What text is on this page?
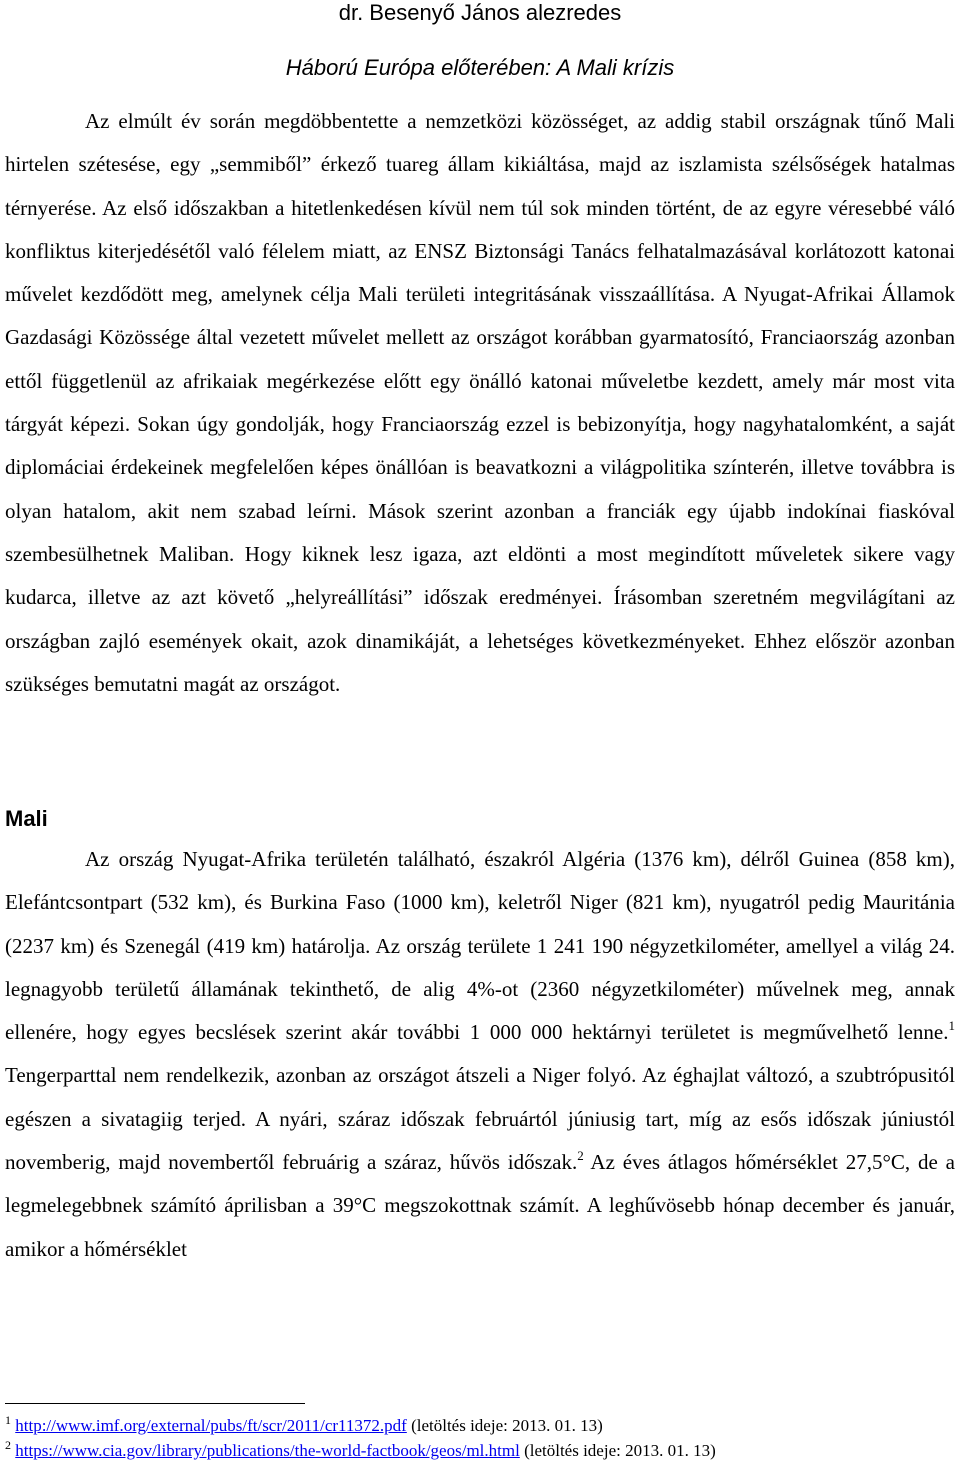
dr. Besenyő János alezredes
Háború Európa előterében: A Mali krízis

Az elmúlt év során megdöbbentette a nemzetközi közösséget, az addig stabil országnak tűnő Mali hirtelen szétesése, egy „semmiből” érkező tuareg állam kikiáltása, majd az iszlamista szélsőségek hatalmas térnyerése. Az első időszakban a hitetlenkedésen kívül nem túl sok minden történt, de az egyre véresebbé váló konfliktus kiterjedésétől való félelem miatt, az ENSZ Biztonsági Tanács felhatalmazásával korlátozott katonai művelet kezdődött meg, amelynek célja Mali területi integritásának visszaállítása. A Nyugat-Afrikai Államok Gazdasági Közössége által vezetett művelet mellett az országot korábban gyarmatosító, Franciaország azonban ettől függetlenül az afrikaiak megérkezése előtt egy önálló katonai műveletbe kezdett, amely már most vita tárgyát képezi. Sokan úgy gondolják, hogy Franciaország ezzel is bebizonyítja, hogy nagyhatalomként, a saját diplomáciai érdekeinek megfelelően képes önállóan is beavatkozni a világpolitika színterén, illetve továbbra is olyan hatalom, akit nem szabad leírni. Mások szerint azonban a franciák egy újabb indokínai fiaskóval szembesülhetnek Maliban. Hogy kiknek lesz igaza, azt eldönti a most megindított műveletek sikere vagy kudarca, illetve az azt követő „helyreállítási” időszak eredményei. Írásomban szeretném megvilágítani az országban zajló események okait, azok dinamikáját, a lehetséges következményeket. Ehhez először azonban szükséges bemutatni magát az országot.

Mali

Az ország Nyugat-Afrika területén található, északról Algéria (1376 km), délről Guinea (858 km), Elefántcsontpart (532 km), és Burkina Faso (1000 km), keletről Niger (821 km), nyugatról pedig Mauritánia (2237 km) és Szenegál (419 km) határolja. Az ország területe 1 241 190 négyzetkilométer, amellyel a világ 24. legnagyobb területű államának tekinthető, de alig 4%-ot (2360 négyzetkilométer) művelnek meg, annak ellenére, hogy egyes becslések szerint akár további 1 000 000 hektárnyi területet is megművelhető lenne.$^1$ Tengerparttal nem rendelkezik, azonban az országot átszeli a Niger folyó. Az éghajlat változó, a szubtrópusitól egészen a sivatagiig terjed. A nyári, száraz időszak februártól júniusig tart, míg az esős időszak júniustól novemberig, majd novembertől februárig a száraz, hűvös időszak.$^2$ Az éves átlagos hőmérséklet 27,5°C, de a legmelegebbnek számító áprilisban a 39°C megszokottnak számít. A leghűvösebb hónap december és január, amikor a hőmérséklet

$^1$ http://www.imf.org/external/pubs/ft/scr/2011/cr11372.pdf (letöltés ideje: 2013. 01. 13)

$^2$ https://www.cia.gov/library/publications/the-world-factbook/geos/ml.html (letöltés ideje: 2013. 01. 13)
